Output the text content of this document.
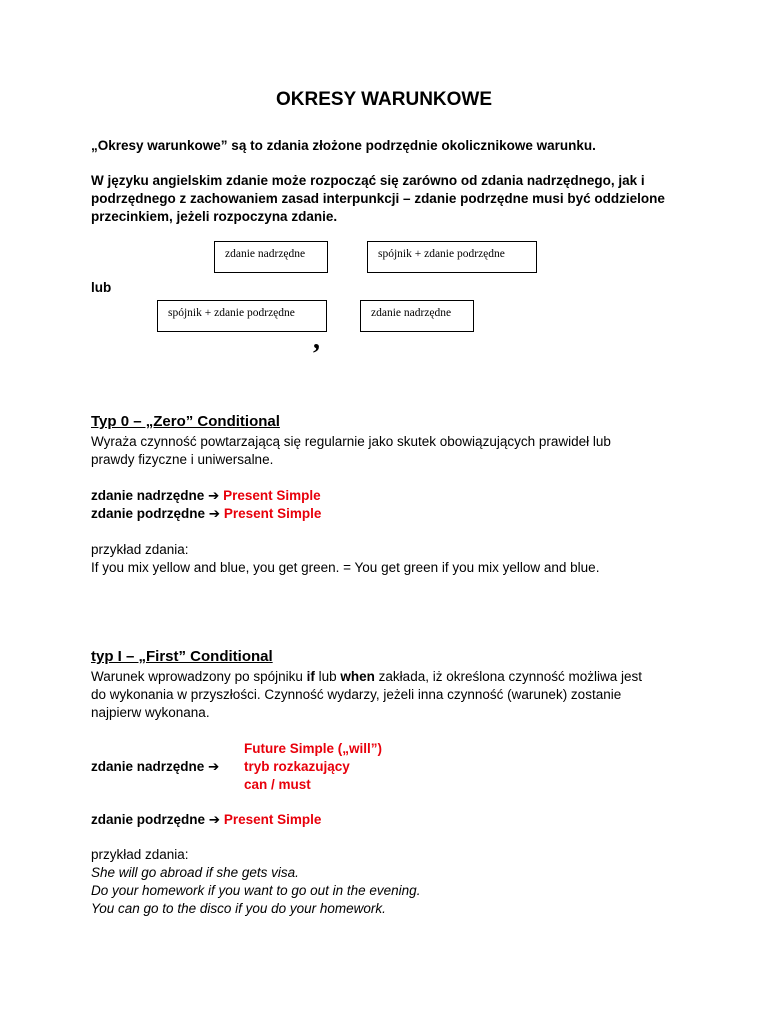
OKRESY WARUNKOWE
„Okresy warunkowe” są to zdania złożone podrzędnie okolicznikowe warunku.
W języku angielskim zdanie może rozpocząć się zarówno od zdania nadrzędnego, jak i
podrzędnego z zachowaniem zasad interpunkcji – zdanie podrzędne musi być oddzielone
przecinkiem, jeżeli rozpoczyna zdanie.
zdanie nadrzędne	spójnik + zdanie podrzędne
lub
spójnik + zdanie podrzędne	zdanie nadrzędne
,
Typ 0 – „Zero” Conditional
Wyraża czynność powtarzającą się regularnie jako skutek obowiązujących prawideł lub
prawdy fizyczne i uniwersalne.
zdanie nadrzędne ➔ Present Simple
zdanie podrzędne ➔ Present Simple
przykład zdania:
If you mix yellow and blue, you get green. = You get green if you mix yellow and blue.
typ I – „First” Conditional
Warunek wprowadzony po spójniku if lub when zakłada, iż określona czynność możliwa jest
do wykonania w przyszłości. Czynność wydarzy, jeżeli inna czynność (warunek) zostanie
najpierw wykonana.
zdanie nadrzędne ➔
Future Simple („will”)
tryb rozkazujący
can / must
zdanie podrzędne ➔ Present Simple
przykład zdania:
She will go abroad if she gets visa.
Do your homework if you want to go out in the evening.
You can go to the disco if you do your homework.
